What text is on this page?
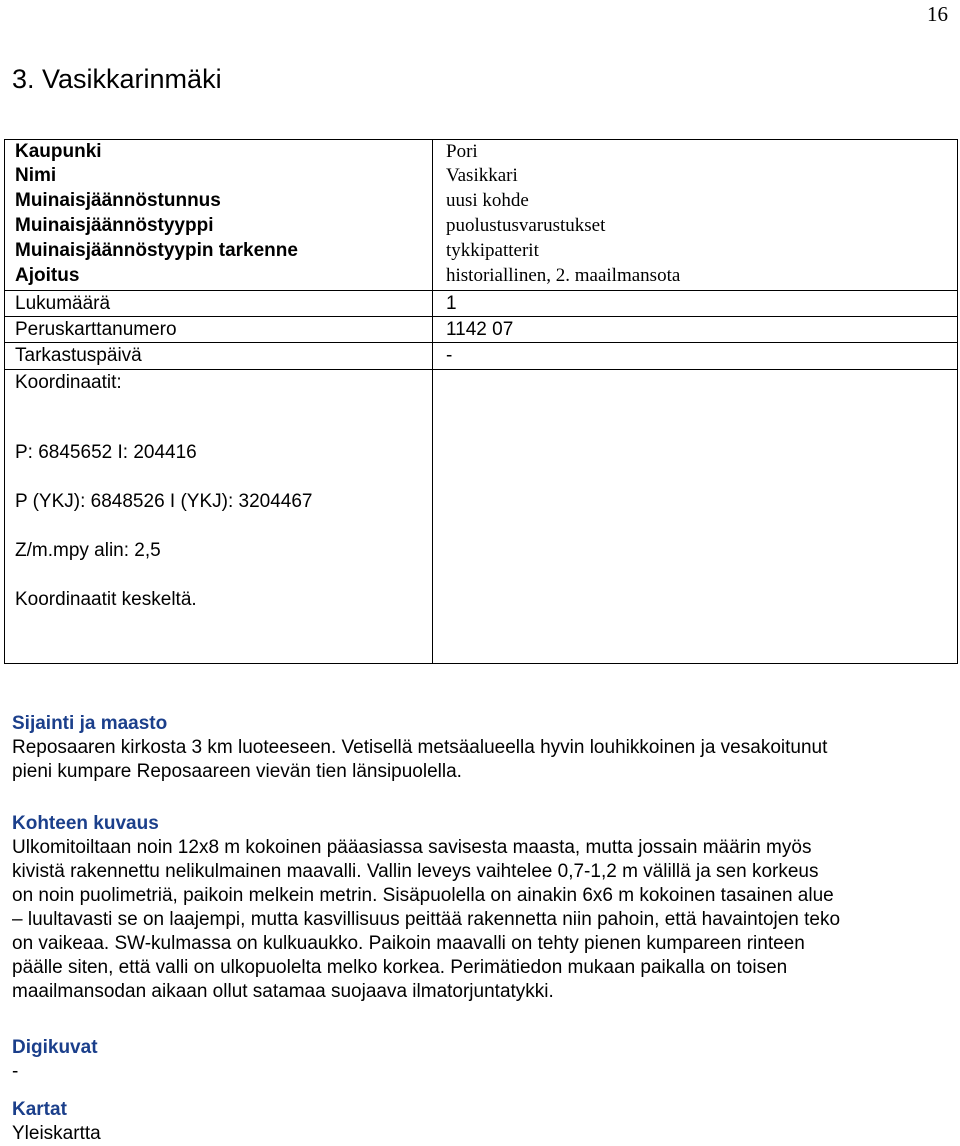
16
3. Vasikkarinmäki
Kaupunki	Pori
Nimi	Vasikkari
Muinaisjäännöstunnus	uusi kohde
Muinaisjäännöstyyppi	puolustusvarustukset
Muinaisjäännöstyypin tarkenne	tykkipatterit
Ajoitus	historiallinen, 2. maailmansota
Lukumäärä	1
Peruskarttanumero	1142 07
Tarkastuspäivä	-
Koordinaatit:
P: 6845652 I: 204416
P (YKJ): 6848526 I (YKJ): 3204467
Z/m.mpy alin: 2,5
Koordinaatit keskeltä.
Sijainti ja maasto

Reposaaren kirkosta 3 km luoteeseen. Vetisellä metsäalueella hyvin louhikkoinen ja vesakoitunut

pieni kumpare Reposaareen vievän tien länsipuolella.

Kohteen kuvaus

Ulkomitoiltaan noin 12x8 m kokoinen pääasiassa savisesta maasta, mutta jossain määrin myös

kivistä rakennettu nelikulmainen maavalli. Vallin leveys vaihtelee 0,7-1,2 m välillä ja sen korkeus

on noin puolimetriä, paikoin melkein metrin. Sisäpuolella on ainakin 6x6 m kokoinen tasainen alue

– luultavasti se on laajempi, mutta kasvillisuus peittää rakennetta niin pahoin, että havaintojen teko

on vaikeaa. SW-kulmassa on kulkuaukko. Paikoin maavalli on tehty pienen kumpareen rinteen

päälle siten, että valli on ulkopuolelta melko korkea. Perimätiedon mukaan paikalla on toisen

maailmansodan aikaan ollut satamaa suojaava ilmatorjuntatykki.

Digikuvat

-

Kartat

Yleiskartta
